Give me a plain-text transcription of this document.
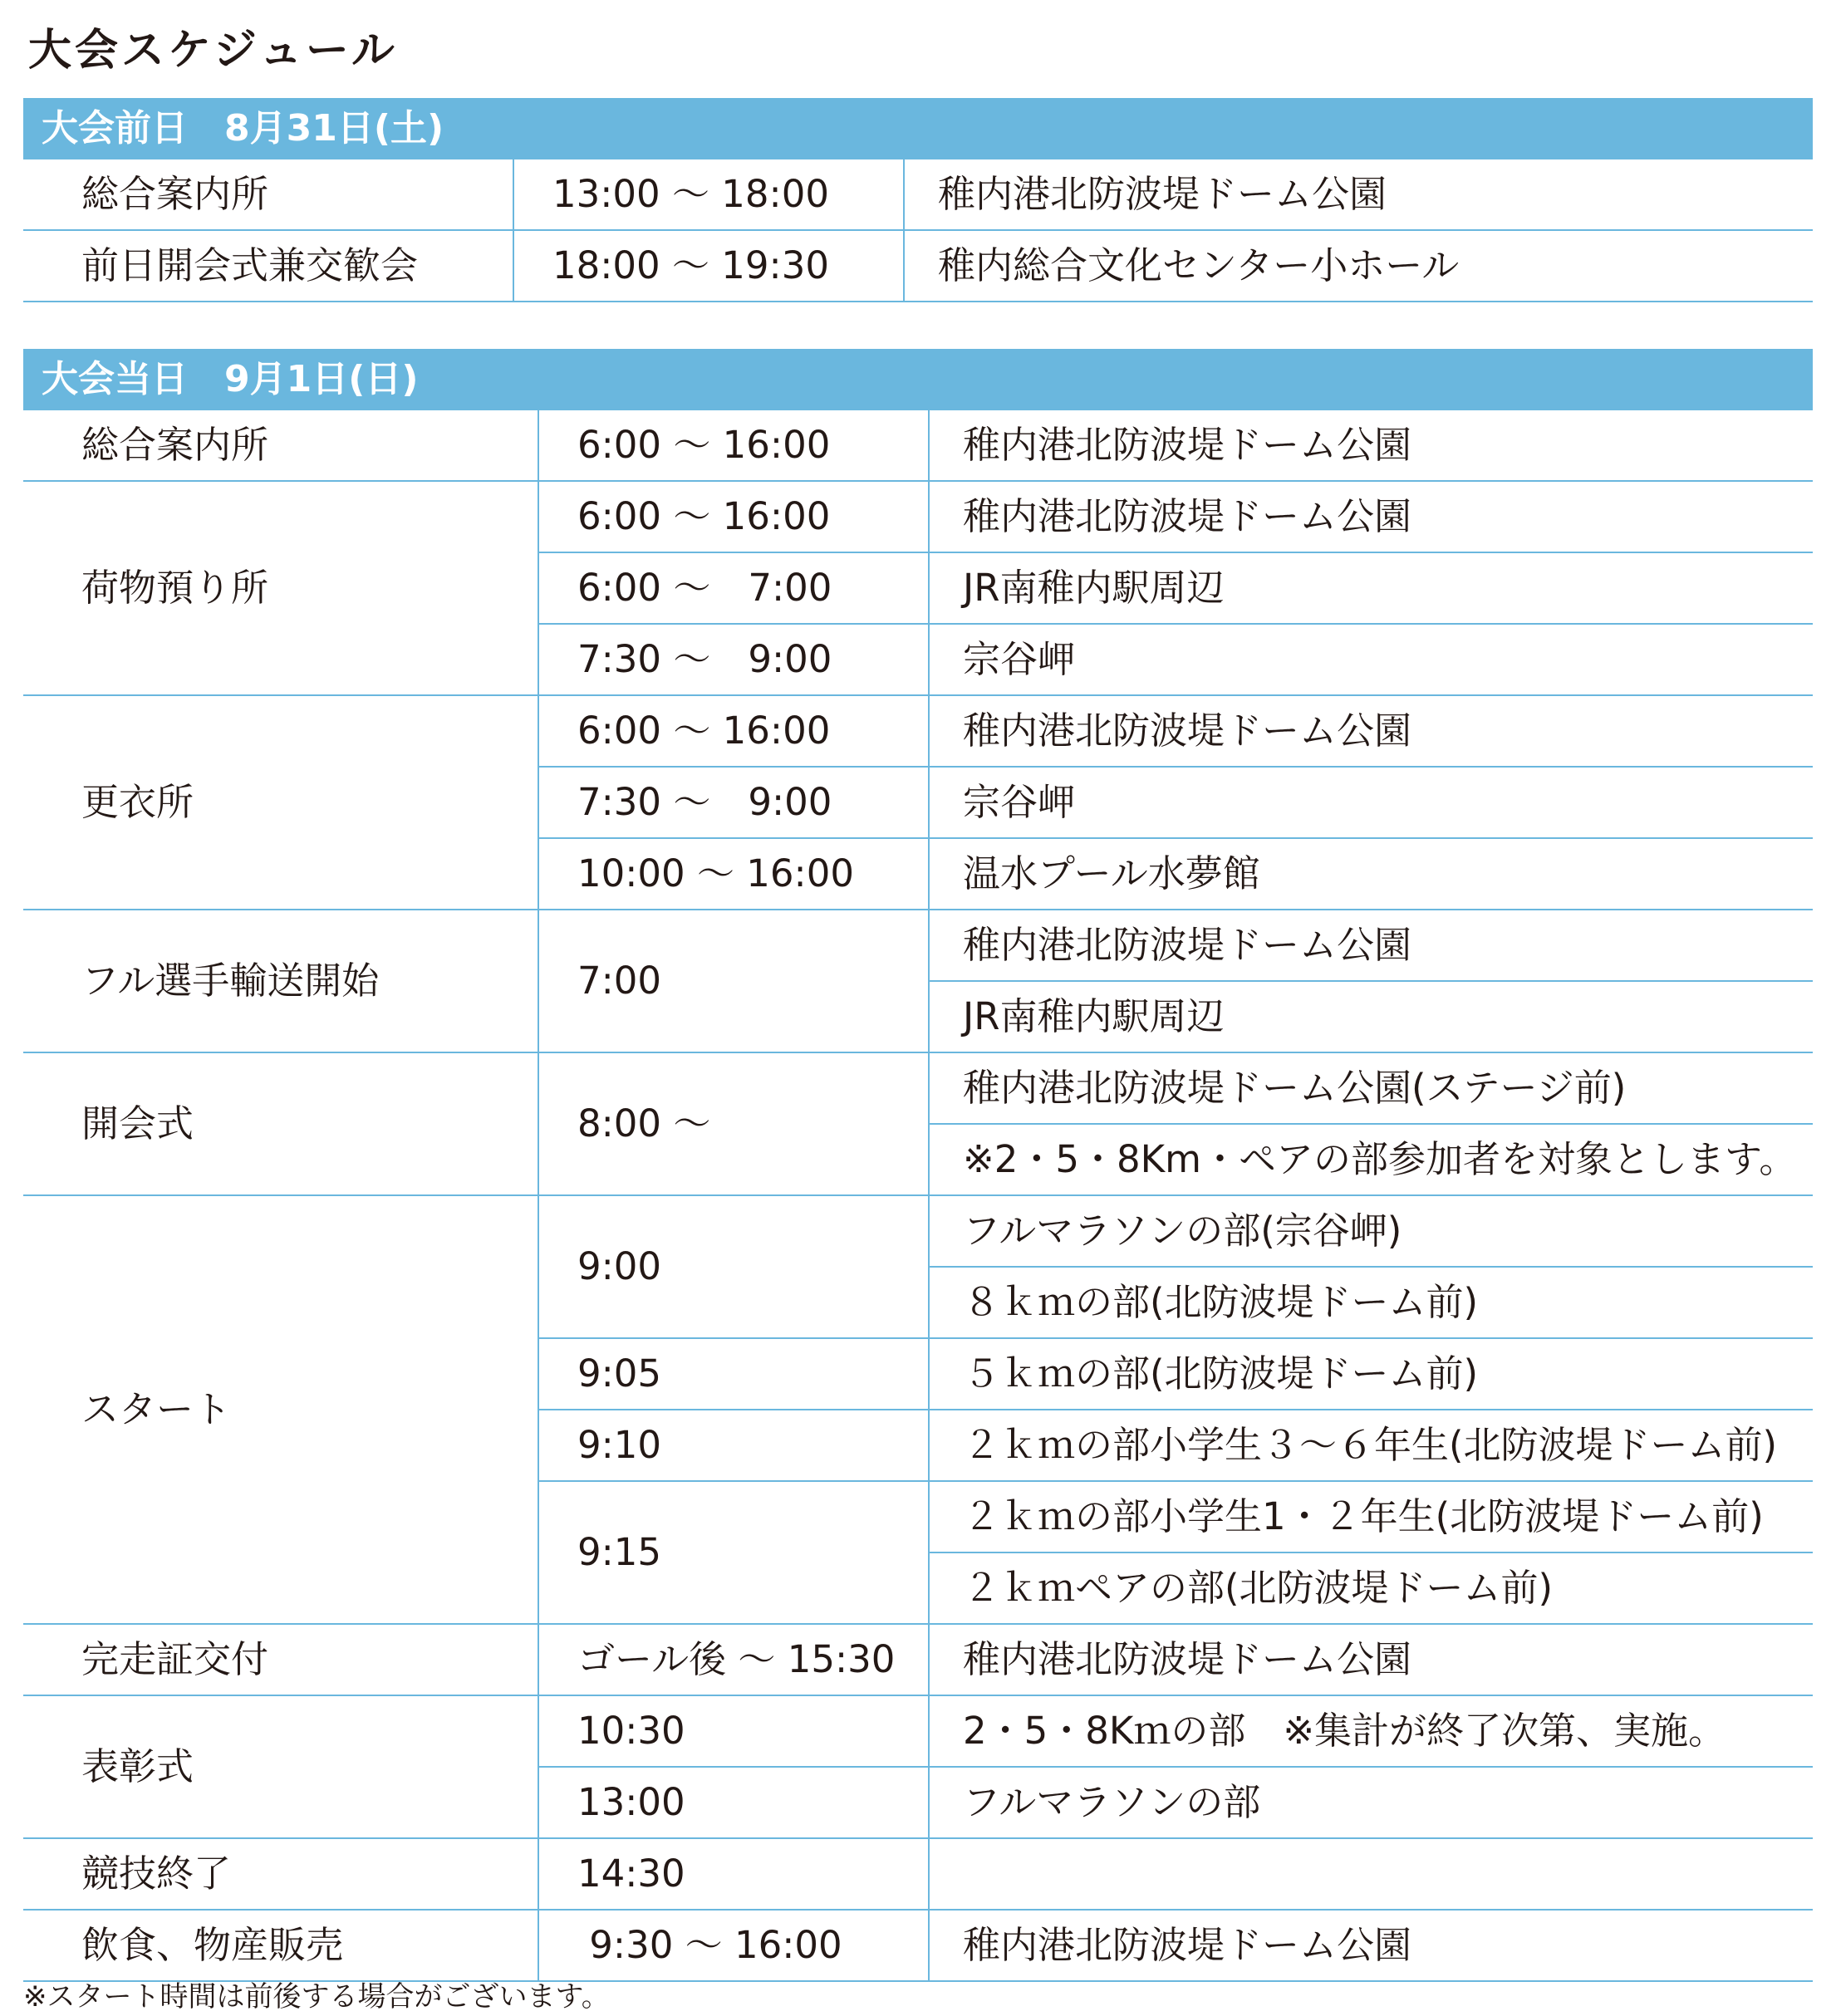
大会スケジュール
大会前日　8月31日(土)		
総合案内所	13:00 〜 18:00	稚内港北防波堤ドーム公園
前日開会式兼交歓会	18:00 〜 19:30	稚内総合文化センター小ホール
大会当日　9月1日(日)		
総合案内所	6:00 〜 16:00	稚内港北防波堤ドーム公園
荷物預り所	6:00 〜 16:00	稚内港北防波堤ドーム公園
	6:00 〜　7:00	JR南稚内駅周辺
	7:30 〜　9:00	宗谷岬
更衣所	6:00 〜 16:00	稚内港北防波堤ドーム公園
	7:30 〜　9:00	宗谷岬
	10:00 〜 16:00	温水プール水夢館
フル選手輸送開始	7:00	稚内港北防波堤ドーム公園
		JR南稚内駅周辺
開会式	8:00 〜	稚内港北防波堤ドーム公園(ステージ前)
		※2・5・8Km・ペアの部参加者を対象とします。
スタート	9:00	フルマラソンの部(宗谷岬)
		８ｋｍの部(北防波堤ドーム前)
	9:05	５ｋｍの部(北防波堤ドーム前)
	9:10	２ｋｍの部小学生３〜６年生(北防波堤ドーム前)
	9:15	２ｋｍの部小学生1・２年生(北防波堤ドーム前)
		２ｋｍペアの部(北防波堤ドーム前)
完走証交付	ゴール後 〜 15:30	稚内港北防波堤ドーム公園
表彰式	10:30	2・5・8Kｍの部　※集計が終了次第、実施。
	13:00	フルマラソンの部
競技終了	14:30	
飲食、物産販売	9:30 〜 16:00	稚内港北防波堤ドーム公園

※スタート時間は前後する場合がございます。
